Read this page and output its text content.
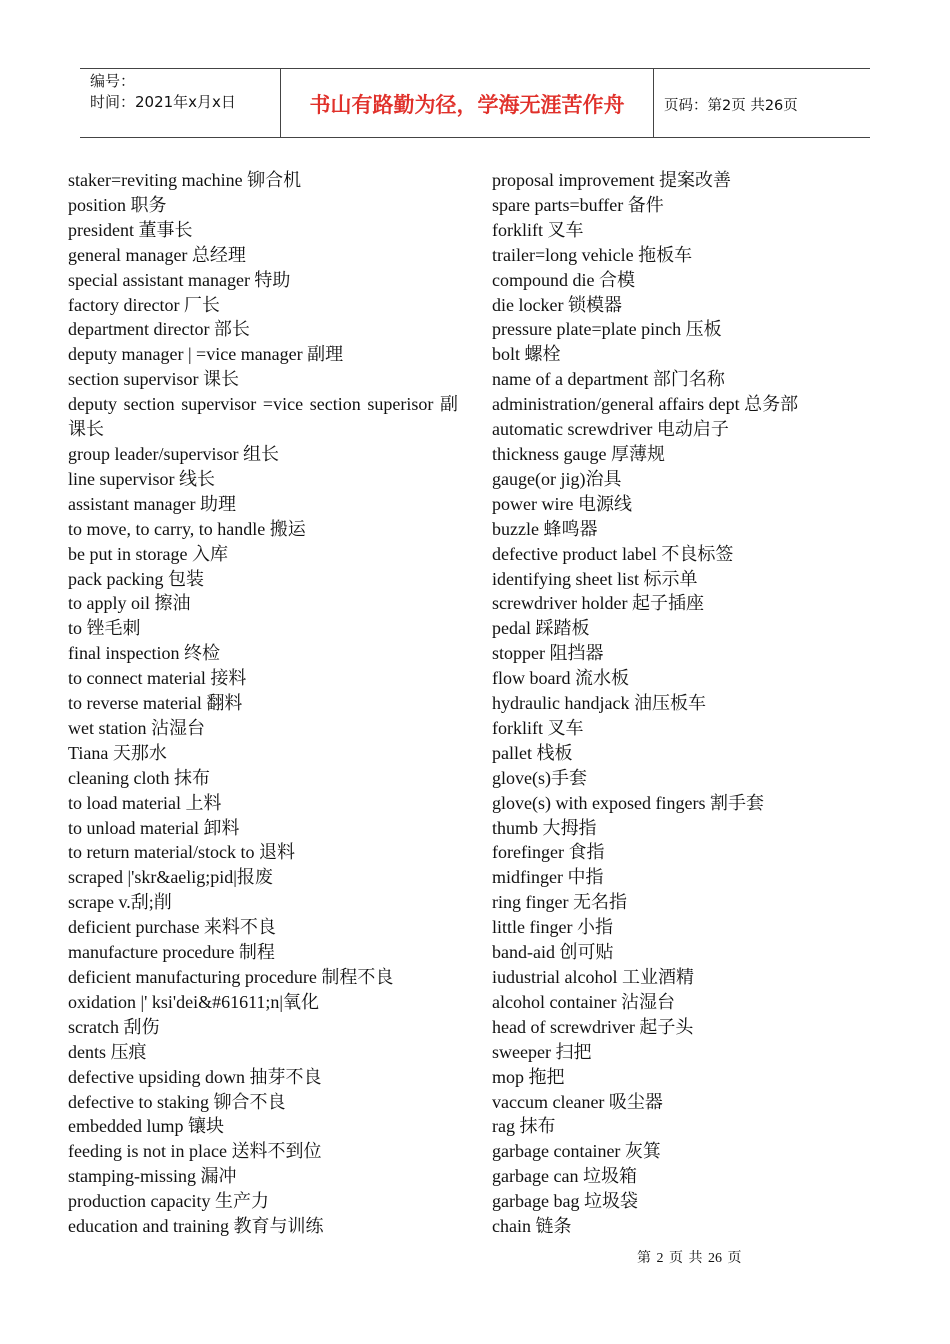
编号：
时间：2021年x月x日	书山有路勤为径，学海无涯苦作舟	页码：第2页 共26页
staker=reviting machine 铆合机
position 职务
president 董事长
general manager 总经理
special assistant manager 特助
factory director 厂长
department director 部长
deputy manager | =vice manager 副理
section supervisor 课长
deputy section supervisor =vice section superisor 副课长
group leader/supervisor 组长
line supervisor 线长
assistant manager 助理
to move, to carry, to handle 搬运
be put in storage 入库
pack packing 包装
to apply oil 擦油
to 锉毛刺
final inspection 终检
to connect material 接料
to reverse material 翻料
wet station 沾湿台
Tiana 天那水
cleaning cloth 抹布
to load material 上料
to unload material 卸料
to return material/stock to 退料
scraped |'skr&aelig;pid|报废
scrape v.刮;削
deficient purchase 来料不良
manufacture procedure 制程
deficient manufacturing procedure 制程不良
oxidation |' ksi'dei&#61611;n|氧化
scratch 刮伤
dents 压痕
defective upsiding down 抽芽不良
defective to staking 铆合不良
embedded lump 镶块
feeding is not in place 送料不到位
stamping-missing 漏冲
production capacity 生产力
education and training 教育与训练
proposal improvement 提案改善
spare parts=buffer 备件
forklift 叉车
trailer=long vehicle 拖板车
compound die 合模
die locker 锁模器
pressure plate=plate pinch 压板
bolt 螺栓
name of a department 部门名称
administration/general affairs dept 总务部
automatic screwdriver 电动启子
thickness gauge 厚薄规
gauge(or jig)治具
power wire 电源线
buzzle 蜂鸣器
defective product label 不良标签
identifying sheet list 标示单
screwdriver holder 起子插座
pedal 踩踏板
stopper 阻挡器
flow board 流水板
hydraulic handjack 油压板车
forklift 叉车
pallet 栈板
glove(s)手套
glove(s) with exposed fingers 割手套
thumb 大拇指
forefinger 食指
midfinger 中指
ring finger 无名指
little finger 小指
band-aid 创可贴
iudustrial alcohol 工业酒精
alcohol container 沾湿台
head of screwdriver 起子头
sweeper 扫把
mop 拖把
vaccum cleaner 吸尘器
rag 抹布
garbage container 灰箕
garbage can 垃圾箱
garbage bag 垃圾袋
chain 链条
第 2 页 共 26 页
